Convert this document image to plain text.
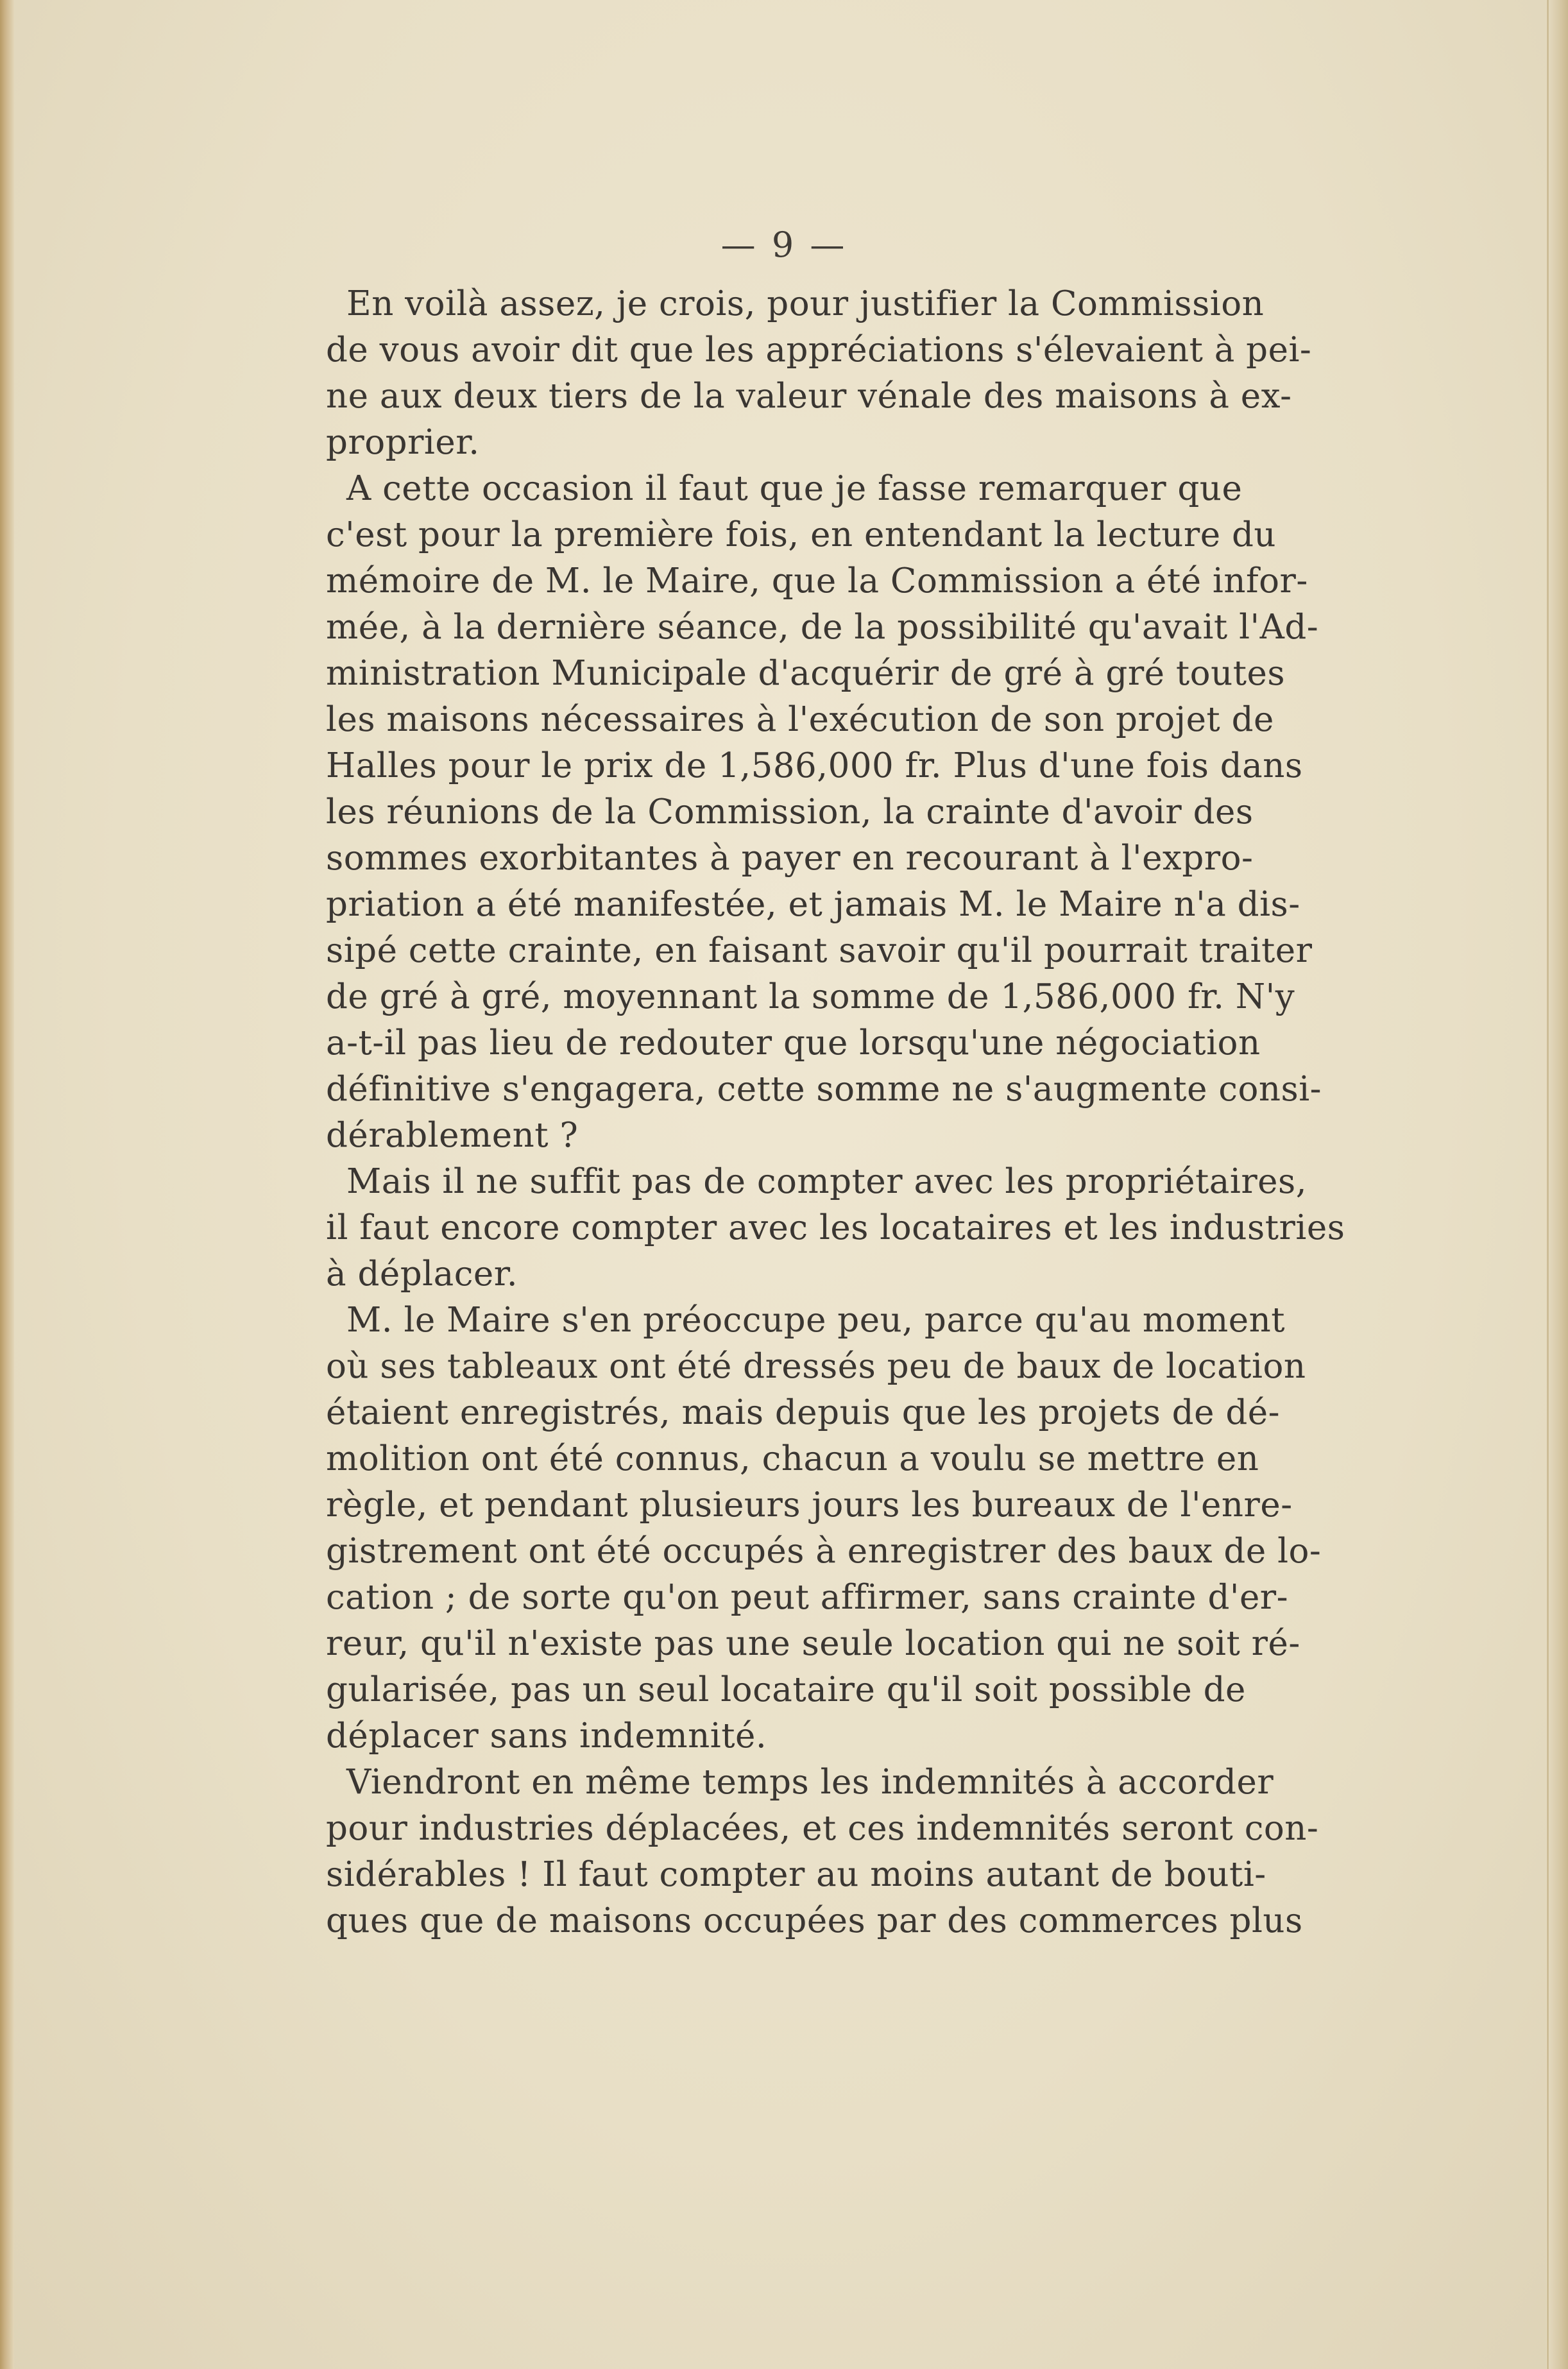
— 9 —
En voilà assez, je crois, pour justifier la Commission
de vous avoir dit que les appréciations s'élevaient à pei-
ne aux deux tiers de la valeur vénale des maisons à ex-
proprier.
A cette occasion il faut que je fasse remarquer que
c'est pour la première fois, en entendant la lecture du
mémoire de M. le Maire, que la Commission a été infor-
mée, à la dernière séance, de la possibilité qu'avait l'Ad-
ministration Municipale d'acquérir de gré à gré toutes
les maisons nécessaires à l'exécution de son projet de
Halles pour le prix de 1,586,000 fr. Plus d'une fois dans
les réunions de la Commission, la crainte d'avoir des
sommes exorbitantes à payer en recourant à l'expro-
priation a été manifestée, et jamais M. le Maire n'a dis-
sipé cette crainte, en faisant savoir qu'il pourrait traiter
de gré à gré, moyennant la somme de 1,586,000 fr. N'y
a-t-il pas lieu de redouter que lorsqu'une négociation
définitive s'engagera, cette somme ne s'augmente consi-
dérablement ?
Mais il ne suffit pas de compter avec les propriétaires,
il faut encore compter avec les locataires et les industries
à déplacer.
M. le Maire s'en préoccupe peu, parce qu'au moment
où ses tableaux ont été dressés peu de baux de location
étaient enregistrés, mais depuis que les projets de dé-
molition ont été connus, chacun a voulu se mettre en
règle, et pendant plusieurs jours les bureaux de l'enre-
gistrement ont été occupés à enregistrer des baux de lo-
cation ; de sorte qu'on peut affirmer, sans crainte d'er-
reur, qu'il n'existe pas une seule location qui ne soit ré-
gularisée, pas un seul locataire qu'il soit possible de
déplacer sans indemnité.
Viendront en même temps les indemnités à accorder
pour industries déplacées, et ces indemnités seront con-
sidérables ! Il faut compter au moins autant de bouti-
ques que de maisons occupées par des commerces plus
